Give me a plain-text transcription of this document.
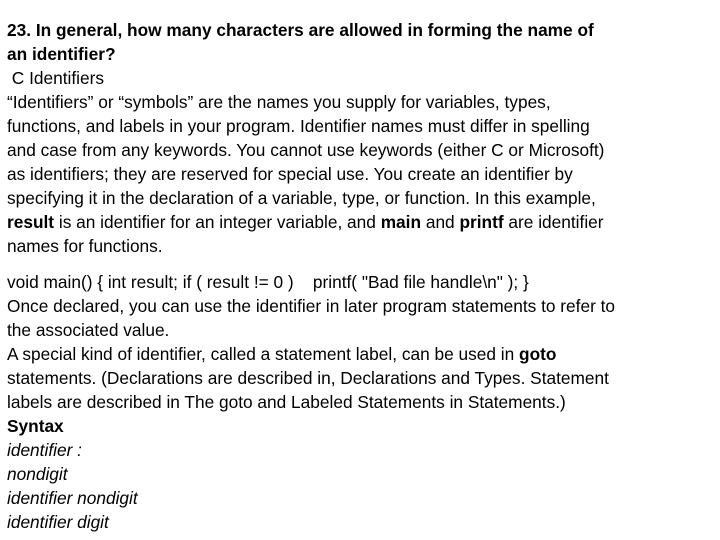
23. In general, how many characters are allowed in forming the name of
an identifier?
C Identifiers
“Identifiers” or “symbols” are the names you supply for variables, types,
functions, and labels in your program. Identifier names must differ in spelling
and case from any keywords. You cannot use keywords (either C or Microsoft)
as identifiers; they are reserved for special use. You create an identifier by
specifying it in the declaration of a variable, type, or function. In this example,
result is an identifier for an integer variable, and main and printf are identifier
names for functions.
void main() { int result; if ( result != 0 )    printf( "Bad file handle\n" ); }
Once declared, you can use the identifier in later program statements to refer to
the associated value.
A special kind of identifier, called a statement label, can be used in goto
statements. (Declarations are described in, Declarations and Types. Statement
labels are described in The goto and Labeled Statements in Statements.)
Syntax
identifier :
nondigit
identifier nondigit
identifier digit
